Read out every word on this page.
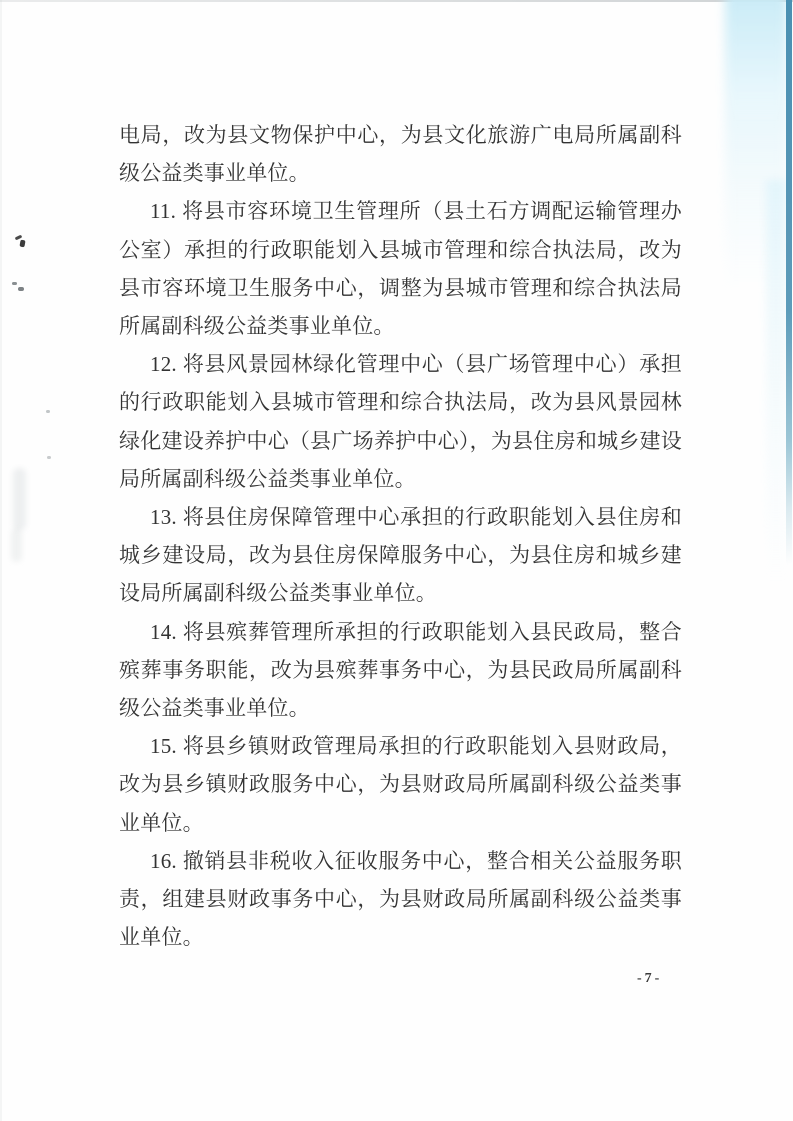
电局，改为县文物保护中心，为县文化旅游广电局所属副科级公益类事业单位。

11. 将县市容环境卫生管理所（县土石方调配运输管理办公室）承担的行政职能划入县城市管理和综合执法局，改为县市容环境卫生服务中心，调整为县城市管理和综合执法局所属副科级公益类事业单位。

12. 将县风景园林绿化管理中心（县广场管理中心）承担的行政职能划入县城市管理和综合执法局，改为县风景园林绿化建设养护中心（县广场养护中心），为县住房和城乡建设局所属副科级公益类事业单位。

13. 将县住房保障管理中心承担的行政职能划入县住房和城乡建设局，改为县住房保障服务中心，为县住房和城乡建设局所属副科级公益类事业单位。

14. 将县殡葬管理所承担的行政职能划入县民政局，整合殡葬事务职能，改为县殡葬事务中心，为县民政局所属副科级公益类事业单位。

15. 将县乡镇财政管理局承担的行政职能划入县财政局，改为县乡镇财政服务中心，为县财政局所属副科级公益类事业单位。

16. 撤销县非税收入征收服务中心，整合相关公益服务职责，组建县财政事务中心，为县财政局所属副科级公益类事业单位。

-7-
